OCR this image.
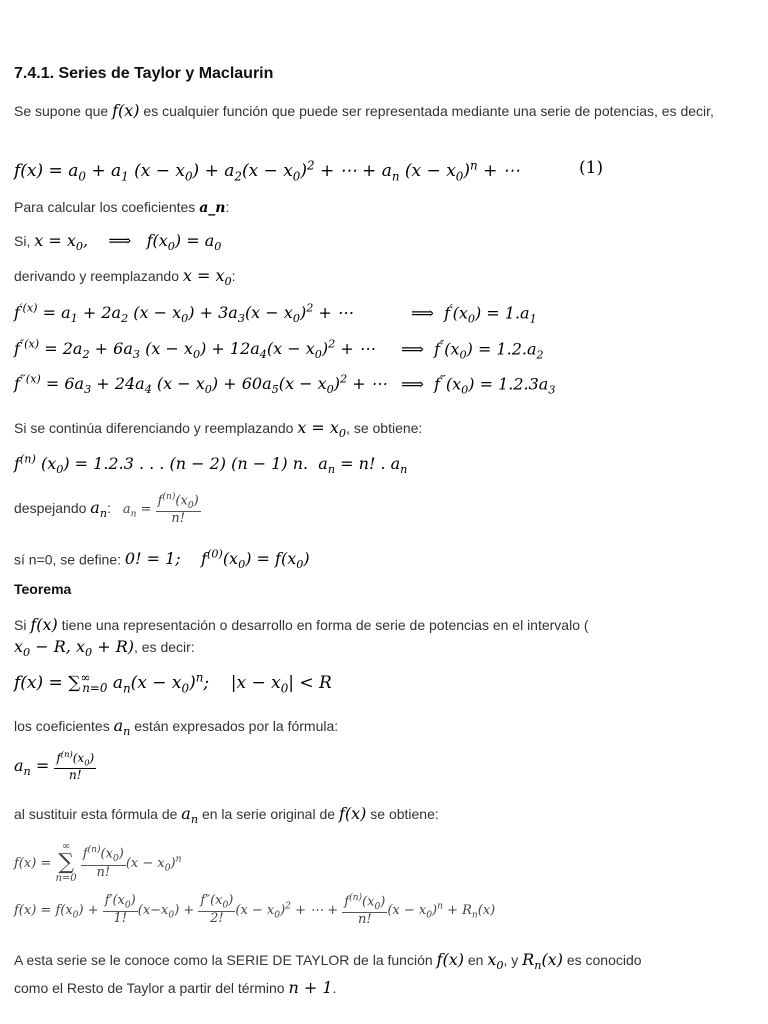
7.4.1. Series de Taylor y Maclaurin
Se supone que f(x) es cualquier función que puede ser representada mediante una serie de potencias, es decir,
$f(x) = a_0 + a_1$ $(x - x_0) + a_2(x - x_0)^2$ + ⋯ + $a_n$ $(x - x_0)^n$ + ⋯	(1)
Para calcular los coeficientes a_n:
Si, $x = x_0$,    ⟹   $f(x_0) = a_0$
derivando y reemplazando $x = x_0$:
$f^{'(x)} = a_1 + 2a_2$ $(x - x_0) + 3a_3(x - x_0)^2$ + ⋯	⟹  $f'(x_0) = 1.a_1$
$f^{''(x)} = 2a_2 + 6a_3$ $(x - x_0) + 12a_4(x - x_0)^2$ + ⋯ ⟹  $f''(x_0) = 1.2.a_2$
$f^{‴(x)} = 6a_3 + 24a_4$ $(x - x_0) + 60a_5(x - x_0)^2$ + ⋯ ⟹  $f^‴(x_0) = 1.2.3a_3$
Si se continúa diferenciando y reemplazando $x = x_0$, se obtiene:
$f^{(n)}$ $(x_0) = 1.2.3$ . . . (n − 2) (n − 1) n.  $a_n = n$! . $a_n$
despejando $a_n$: $a_n = \frac{f^{(n)}(x_0)}{n!}$
sí n=0, se define: 0! = 1;    $f^{(0)}(x_0) = f(x_0)$
Teorema
Si f(x) tiene una representación o desarrollo en forma de serie de potencias en el intervalo (
$x_0 - R$, $x_0 + R$), es decir:
$f(x) = \sum^\infty_{n=0}$ $a_n(x - x_0)^n$;    $|x - x_0| < R$
los coeficientes $a_n$ están expresados por la fórmula:
$a_n = \frac{f^{(n)}(x_0)}{n!}$
al sustituir esta fórmula de $a_n$ en la serie original de f(x) se obtiene:
f(x) =
∞
∑
n=0
$\frac{f^{(n)}(x_0)}{n!} (x - x_0)^n$
$f(x) = f(x_0) + \frac{f'(x_0)}{1!} (x-x_0) + \frac{f''(x_0)}{2!} (x - x_0)^2$ + ⋯ + $\frac{f^{(n)}(x_0)}{n!} (x - x_0)^n + R_n(x)$
A esta serie se le conoce como la SERIE DE TAYLOR de la función f(x) en $x_0$, y $R_n(x)$ es conocido
como el Resto de Taylor a partir del término n + 1.
